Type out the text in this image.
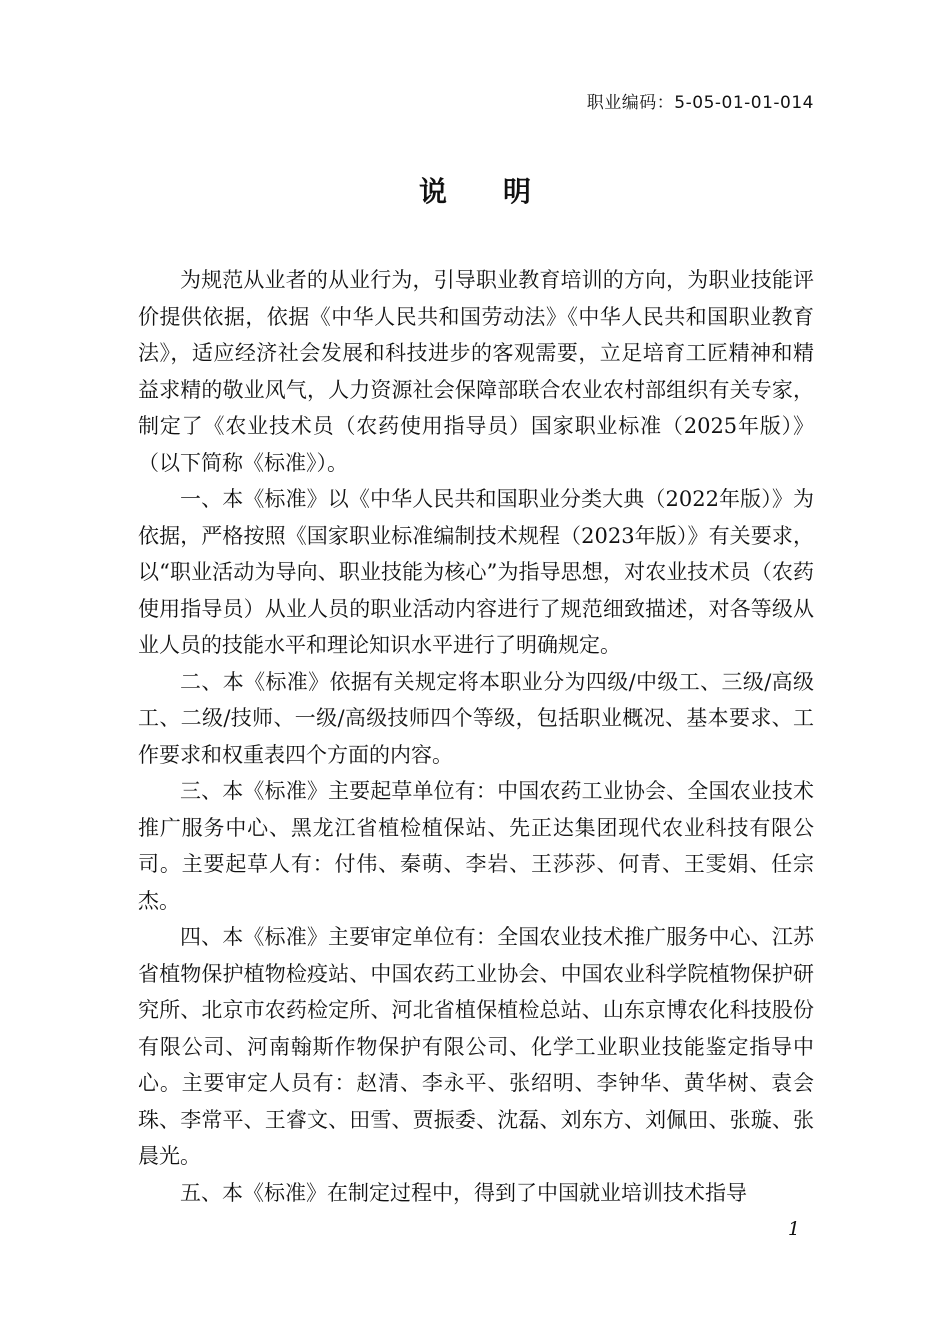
职业编码：5-05-01-01-014
说明

为规范从业者的从业行为，引导职业教育培训的方向，为职业技能评价提供依据，依据《中华人民共和国劳动法》《中华人民共和国职业教育法》，适应经济社会发展和科技进步的客观需要，立足培育工匠精神和精益求精的敬业风气，人力资源社会保障部联合农业农村部组织有关专家，制定了《农业技术员（农药使用指导员）国家职业标准（2025年版）》（以下简称《标准》）。

一、本《标准》以《中华人民共和国职业分类大典（2022年版）》为依据，严格按照《国家职业标准编制技术规程（2023年版）》有关要求，以“职业活动为导向、职业技能为核心”为指导思想，对农业技术员（农药使用指导员）从业人员的职业活动内容进行了规范细致描述，对各等级从业人员的技能水平和理论知识水平进行了明确规定。

二、本《标准》依据有关规定将本职业分为四级/中级工、三级/高级工、二级/技师、一级/高级技师四个等级，包括职业概况、基本要求、工作要求和权重表四个方面的内容。

三、本《标准》主要起草单位有：中国农药工业协会、全国农业技术推广服务中心、黑龙江省植检植保站、先正达集团现代农业科技有限公司。主要起草人有：付伟、秦萌、李岩、王莎莎、何青、王雯娟、任宗杰。

四、本《标准》主要审定单位有：全国农业技术推广服务中心、江苏省植物保护植物检疫站、中国农药工业协会、中国农业科学院植物保护研究所、北京市农药检定所、河北省植保植检总站、山东京博农化科技股份有限公司、河南翰斯作物保护有限公司、化学工业职业技能鉴定指导中心。主要审定人员有：赵清、李永平、张绍明、李钟华、黄华树、袁会珠、李常平、王睿文、田雪、贾振委、沈磊、刘东方、刘佩田、张璇、张晨光。

五、本《标准》在制定过程中，得到了中国就业培训技术指导

1
